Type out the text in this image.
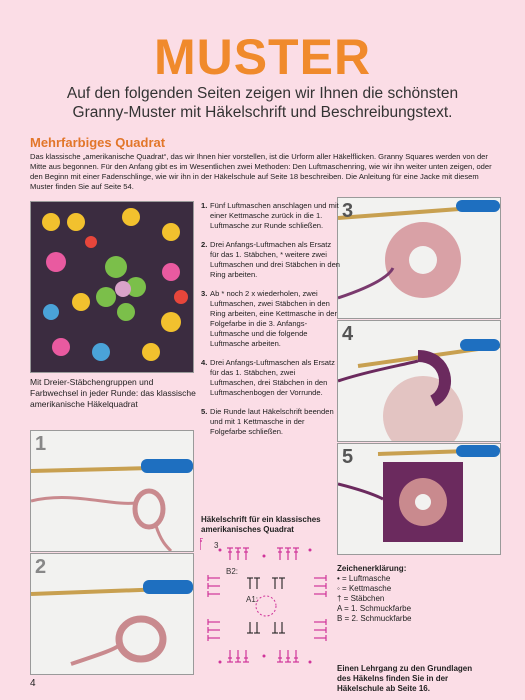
MUSTER
Auf den folgenden Seiten zeigen wir Ihnen die schönsten Granny-Muster mit Häkelschrift und Beschreibungstext.
Mehrfarbiges Quadrat
Das klassische „amerikanische Quadrat“, das wir Ihnen hier vorstellen, ist die Urform aller Häkelflicken. Granny Squares werden von der Mitte aus begonnen. Für den Anfang gibt es im Wesentlichen zwei Methoden: Den Luftmaschenring, wie wir ihn weiter unten zeigen, oder den Beginn mit einer Fadenschlinge, wie wir ihn in der Häkelschule auf Seite 18 beschreiben. Die Anleitung für eine Jacke mit diesem Muster finden Sie auf Seite 54.
Mit Dreier-Stäbchengruppen und Farbwechsel in jeder Runde: das klassische amerikanische Häkelquadrat
1
2
3
4
5
1. Fünf Luftmaschen anschlagen und mit einer Kettmasche zurück in die 1. Luftmasche zur Runde schließen.
2. Drei Anfangs-Luftmachen als Ersatz für das 1. Stäbchen, * weitere zwei Luftmaschen und drei Stäbchen in den Ring arbeiten.
3. Ab * noch 2 x wiederholen, zwei Luftmaschen, zwei Stäbchen in den Ring arbeiten, eine Kettmasche in der Folgefarbe in die 3. Anfangs-Luftmasche und die folgende Luftmasche arbeiten.
4. Drei Anfangs-Luftmaschen als Ersatz für das 1. Stäbchen, zwei Luftmaschen, drei Stäbchen in den Luftmaschenbogen der Vorrunde.
5. Die Runde laut Häkelschrift beenden und mit 1 Kettmasche in der Folgefarbe schließen.
Häkelschrift für ein klassisches amerikanisches Quadrat
3
B2:
A1:
Zeichenerklärung:
• = Luftmasche
◦ = Kettmasche
† = Stäbchen
A = 1. Schmuckfarbe
B = 2. Schmuckfarbe
Einen Lehrgang zu den Grundlagen des Häkelns finden Sie in der Häkelschule ab Seite 16.
4
